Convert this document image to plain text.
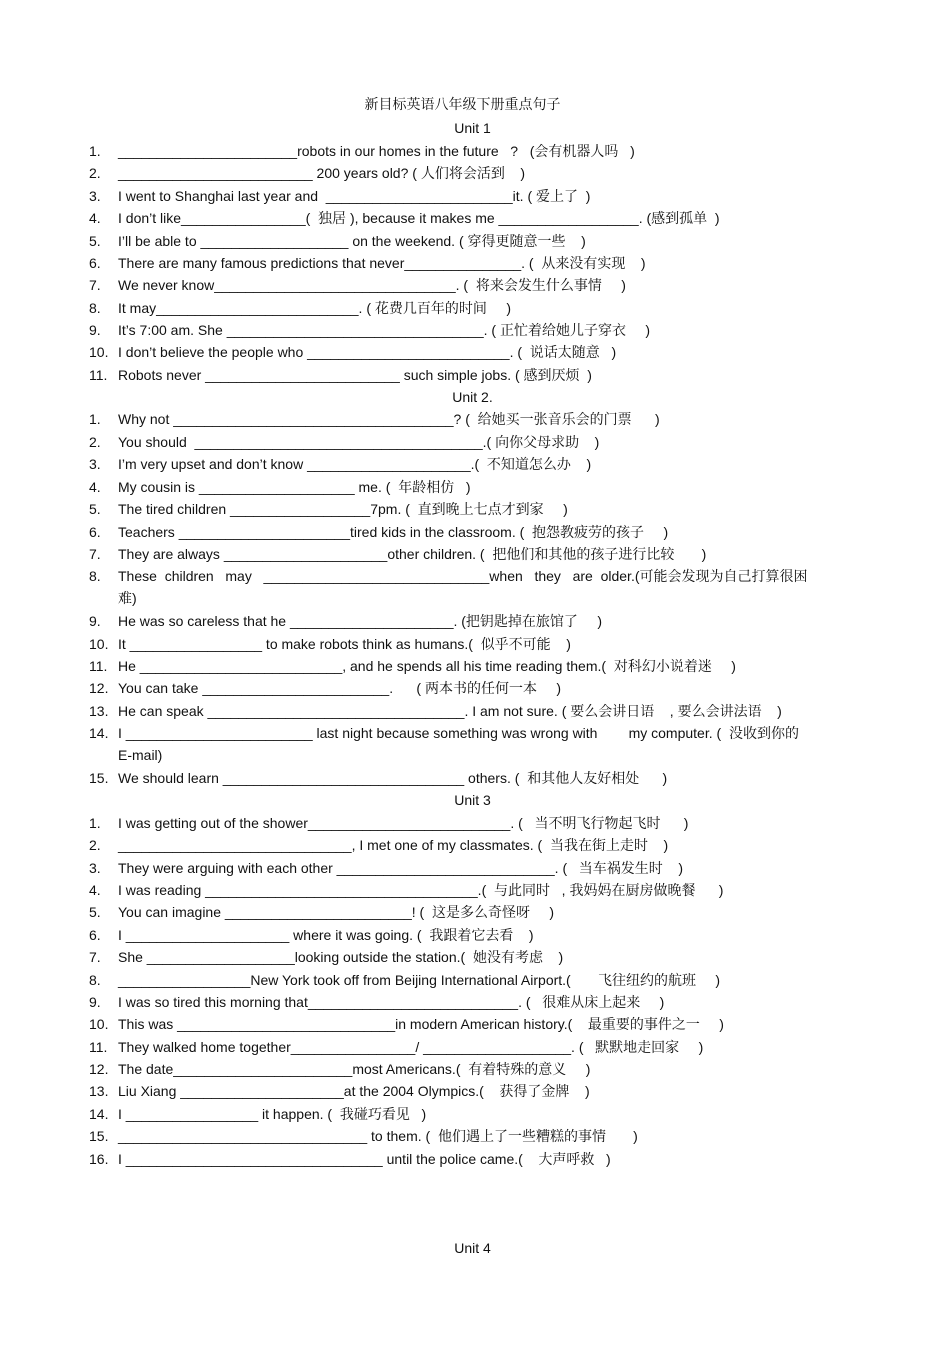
新目标英语八年级下册重点句子
Unit 1
1. _______________________robots in our homes in the future   ?   (会有机器人吗   )
2. _________________________ 200 years old? ( 人们将会活到    )
3. I went to Shanghai last year and  ________________________it. ( 爱上了  )
4. I don’t like________________(  独居 ), because it makes me __________________. (感到孤单  )
5. I’ll be able to ___________________ on the weekend. ( 穿得更随意一些    )
6. There are many famous predictions that never_______________. (  从来没有实现    )
7. We never know_______________________________. (  将来会发生什么事情     )
8. It may__________________________. ( 花费几百年的时间     )
9. It’s 7:00 am. She _________________________________. ( 正忙着给她儿子穿衣     )
10. I don’t believe the people who __________________________. (  说话太随意   )
11. Robots never _________________________ such simple jobs. ( 感到厌烦  )
Unit 2.
1. Why not ____________________________________? (  给她买一张音乐会的门票      )
2. You should  _____________________________________.( 向你父母求助    )
3. I’m very upset and don’t know _____________________.(  不知道怎么办    )
4. My cousin is ____________________ me. (  年龄相仿   )
5. The tired children __________________7pm. (  直到晚上七点才到家     )
6. Teachers ______________________tired kids in the classroom. (  抱怨教疲劳的孩子     )
7. They are always _____________________other children. (  把他们和其他的孩子进行比较       )
8. These  children   may   _____________________________when   they   are  older.(可能会发现为自己打算很困
难)
9. He was so careless that he _____________________. (把钥匙掉在旅馆了     )
10. It _________________ to make robots think as humans.(  似乎不可能    )
11. He __________________________, and he spends all his time reading them.(  对科幻小说着迷     )
12. You can take ________________________.      ( 两本书的任何一本     )
13. He can speak _________________________________. I am not sure. ( 要么会讲日语    , 要么会讲法语    )
14. I ________________________ last night because something was wrong with        my computer. (  没收到你的
E-mail)
15. We should learn _______________________________ others. (  和其他人友好相处      )
Unit 3
1. I was getting out of the shower__________________________. (   当不明飞行物起飞时      )
2. ______________________________, I met one of my classmates. (  当我在街上走时    )
3. They were arguing with each other ____________________________. (   当车祸发生时    )
4. I was reading ___________________________________.(  与此同时   , 我妈妈在厨房做晚餐      )
5. You can imagine ________________________! (  这是多么奇怪呀     )
6. I _____________________ where it was going. (  我跟着它去看    )
7. She ___________________looking outside the station.(  她没有考虑    )
8. _________________New York took off from Beijing International Airport.(       飞往纽约的航班     )
9. I was so tired this morning that___________________________. (   很难从床上起来     )
10. This was ____________________________in modern American history.(    最重要的事件之一     )
11. They walked home together________________/ ___________________. (   默默地走回家     )
12. The date_______________________most Americans.(  有着特殊的意义     )
13. Liu Xiang _____________________at the 2004 Olympics.(    获得了金牌    )
14. I _________________ it happen. (  我碰巧看见   )
15. ________________________________ to them. (  他们遇上了一些糟糕的事情       )
16. I _________________________________ until the police came.(    大声呼救   )
Unit 4
